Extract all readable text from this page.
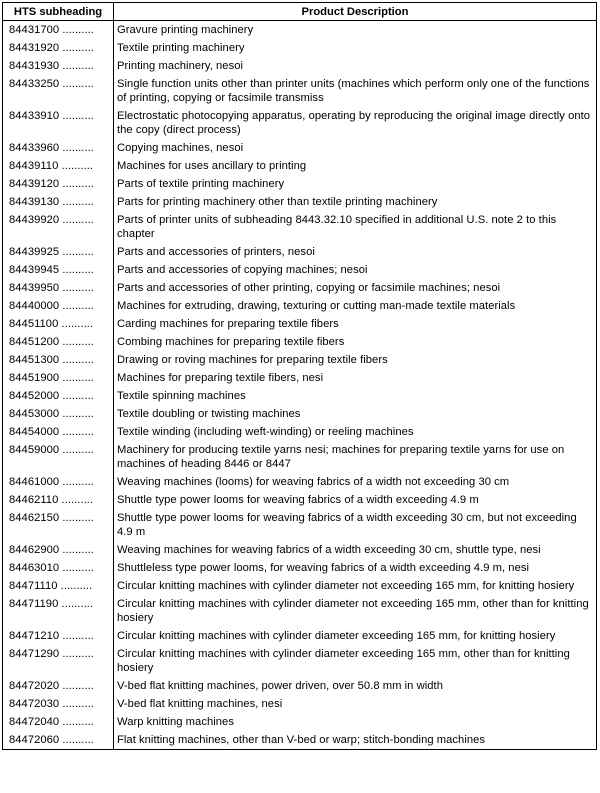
HTS subheading	Product Description
84431700 ..........	Gravure printing machinery
84431920 ..........	Textile printing machinery
84431930 ..........	Printing machinery, nesoi
84433250 ..........	Single function units other than printer units (machines which perform only one of the functions of printing, copying or facsimile transmiss
84433910 ..........	Electrostatic photocopying apparatus, operating by reproducing the original image directly onto the copy (direct process)
84433960 ..........	Copying machines, nesoi
84439110 ..........	Machines for uses ancillary to printing
84439120 ..........	Parts of textile printing machinery
84439130 ..........	Parts for printing machinery other than textile printing machinery
84439920 ..........	Parts of printer units of subheading 8443.32.10 specified in additional U.S. note 2 to this chapter
84439925 ..........	Parts and accessories of printers, nesoi
84439945 ..........	Parts and accessories of copying machines; nesoi
84439950 ..........	Parts and accessories of other printing, copying or facsimile machines; nesoi
84440000 ..........	Machines for extruding, drawing, texturing or cutting man-made textile materials
84451100 ..........	Carding machines for preparing textile fibers
84451200 ..........	Combing machines for preparing textile fibers
84451300 ..........	Drawing or roving machines for preparing textile fibers
84451900 ..........	Machines for preparing textile fibers, nesi
84452000 ..........	Textile spinning machines
84453000 ..........	Textile doubling or twisting machines
84454000 ..........	Textile winding (including weft-winding) or reeling machines
84459000 ..........	Machinery for producing textile yarns nesi; machines for preparing textile yarns for use on machines of heading 8446 or 8447
84461000 ..........	Weaving machines (looms) for weaving fabrics of a width not exceeding 30 cm
84462110 ..........	Shuttle type power looms for weaving fabrics of a width exceeding 4.9 m
84462150 ..........	Shuttle type power looms for weaving fabrics of a width exceeding 30 cm, but not exceeding 4.9 m
84462900 ..........	Weaving machines for weaving fabrics of a width exceeding 30 cm, shuttle type, nesi
84463010 ..........	Shuttleless type power looms, for weaving fabrics of a width exceeding 4.9 m, nesi
84471110 ..........	Circular knitting machines with cylinder diameter not exceeding 165 mm, for knitting hosiery
84471190 ..........	Circular knitting machines with cylinder diameter not exceeding 165 mm, other than for knitting hosiery
84471210 ..........	Circular knitting machines with cylinder diameter exceeding 165 mm, for knitting hosiery
84471290 ..........	Circular knitting machines with cylinder diameter exceeding 165 mm, other than for knitting hosiery
84472020 ..........	V-bed flat knitting machines, power driven, over 50.8 mm in width
84472030 ..........	V-bed flat knitting machines, nesi
84472040 ..........	Warp knitting machines
84472060 ..........	Flat knitting machines, other than V-bed or warp; stitch-bonding machines
